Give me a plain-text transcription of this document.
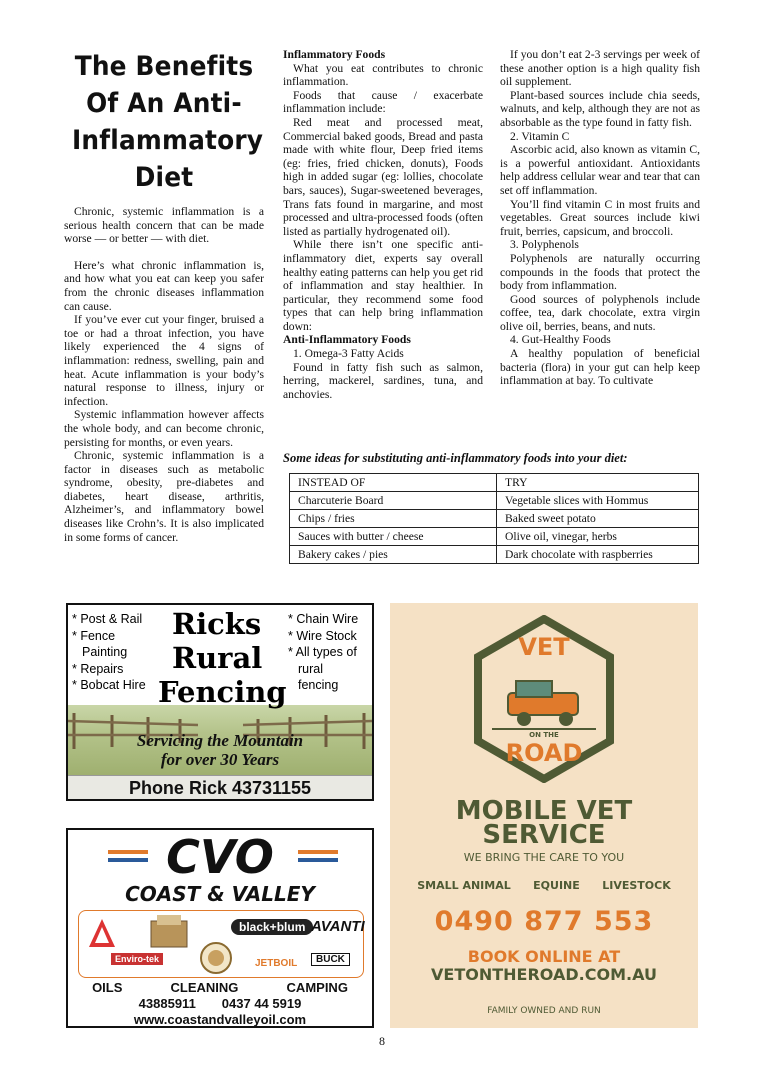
The Benefits
Of An Anti-
Inflammatory
Diet

Chronic, systemic inflammation is a serious health concern that can be made worse — or better — with diet.

Here’s what chronic inflammation is, and how what you eat can keep you safer from the chronic diseases inflammation can cause.

If you’ve ever cut your finger, bruised a toe or had a throat infection, you have likely experienced the 4 signs of inflammation: redness, swelling, pain and heat. Acute inflammation is your body’s natural response to illness, injury or infection.

Systemic inflammation however affects the whole body, and can become chronic, persisting for months, or even years.

Chronic, systemic inflammation is a factor in diseases such as metabolic syndrome, obesity, pre-diabetes and diabetes, heart disease, arthritis, Alzheimer’s, and inflammatory bowel diseases like Crohn’s. It is also implicated in some forms of cancer.

Inflammatory Foods

What you eat contributes to chronic inflammation.

Foods that cause / exacerbate inflammation include:

Red meat and processed meat, Commercial baked goods, Bread and pasta made with white flour, Deep fried items (eg: fries, fried chicken, donuts), Foods high in added sugar (eg: lollies, chocolate bars, sauces), Sugar-sweetened beverages, Trans fats found in margarine, and most processed and ultra-processed foods (often listed as partially hydrogenated oil).

While there isn’t one specific anti-inflammatory diet, experts say overall healthy eating patterns can help you get rid of inflammation and stay healthier. In particular, they recommend some food types that can help bring inflammation down:

Anti-Inflammatory Foods

1. Omega-3 Fatty Acids

Found in fatty fish such as salmon, herring, mackerel, sardines, tuna, and anchovies.

If you don’t eat 2-3 servings per week of these another option is a high quality fish oil supplement.

Plant-based sources include chia seeds, walnuts, and kelp, although they are not as absorbable as the type found in fatty fish.

2. Vitamin C

Ascorbic acid, also known as vitamin C, is a powerful antioxidant. Antioxidants help address cellular wear and tear that can set off inflammation.

You’ll find vitamin C in most fruits and vegetables. Great sources include kiwi fruit, berries, capsicum, and broccoli.

3. Polyphenols

Polyphenols are naturally occurring compounds in the foods that protect the body from inflammation.

Good sources of polyphenols include coffee, tea, dark chocolate, extra virgin olive oil, berries, beans, and nuts.

4. Gut-Healthy Foods

A healthy population of beneficial bacteria (flora) in your gut can help keep inflammation at bay. To cultivate

Some ideas for substituting anti-inflammatory foods into your diet:
INSTEAD OF	TRY
Charcuterie Board	Vegetable slices with Hommus
Chips / fries	Baked sweet potato
Sauces with butter / cheese	Olive oil, vinegar, herbs
Bakery cakes / pies	Dark chocolate with raspberries
* Post & Rail
* Fence
Painting
* Repairs
* Bobcat Hire
Ricks
Rural
Fencing
* Chain Wire
* Wire Stock
* All types of
rural
fencing
Servicing the Mountain
for over 30 Years
Phone Rick 43731155
CVO
COAST & VALLEY
black+blum AVANTI
Enviro-tek	JETBOIL	BUCK
OILS	CLEANING	CAMPING
43885911 0437 44 5919
www.coastandvalleyoil.com
VET
ON THE
ROAD
MOBILE VET
SERVICE
WE BRING THE CARE TO YOU
SMALL ANIMAL EQUINE LIVESTOCK
0490 877 553
BOOK ONLINE AT
VETONTHEROAD.COM.AU
FAMILY OWNED AND RUN
8
